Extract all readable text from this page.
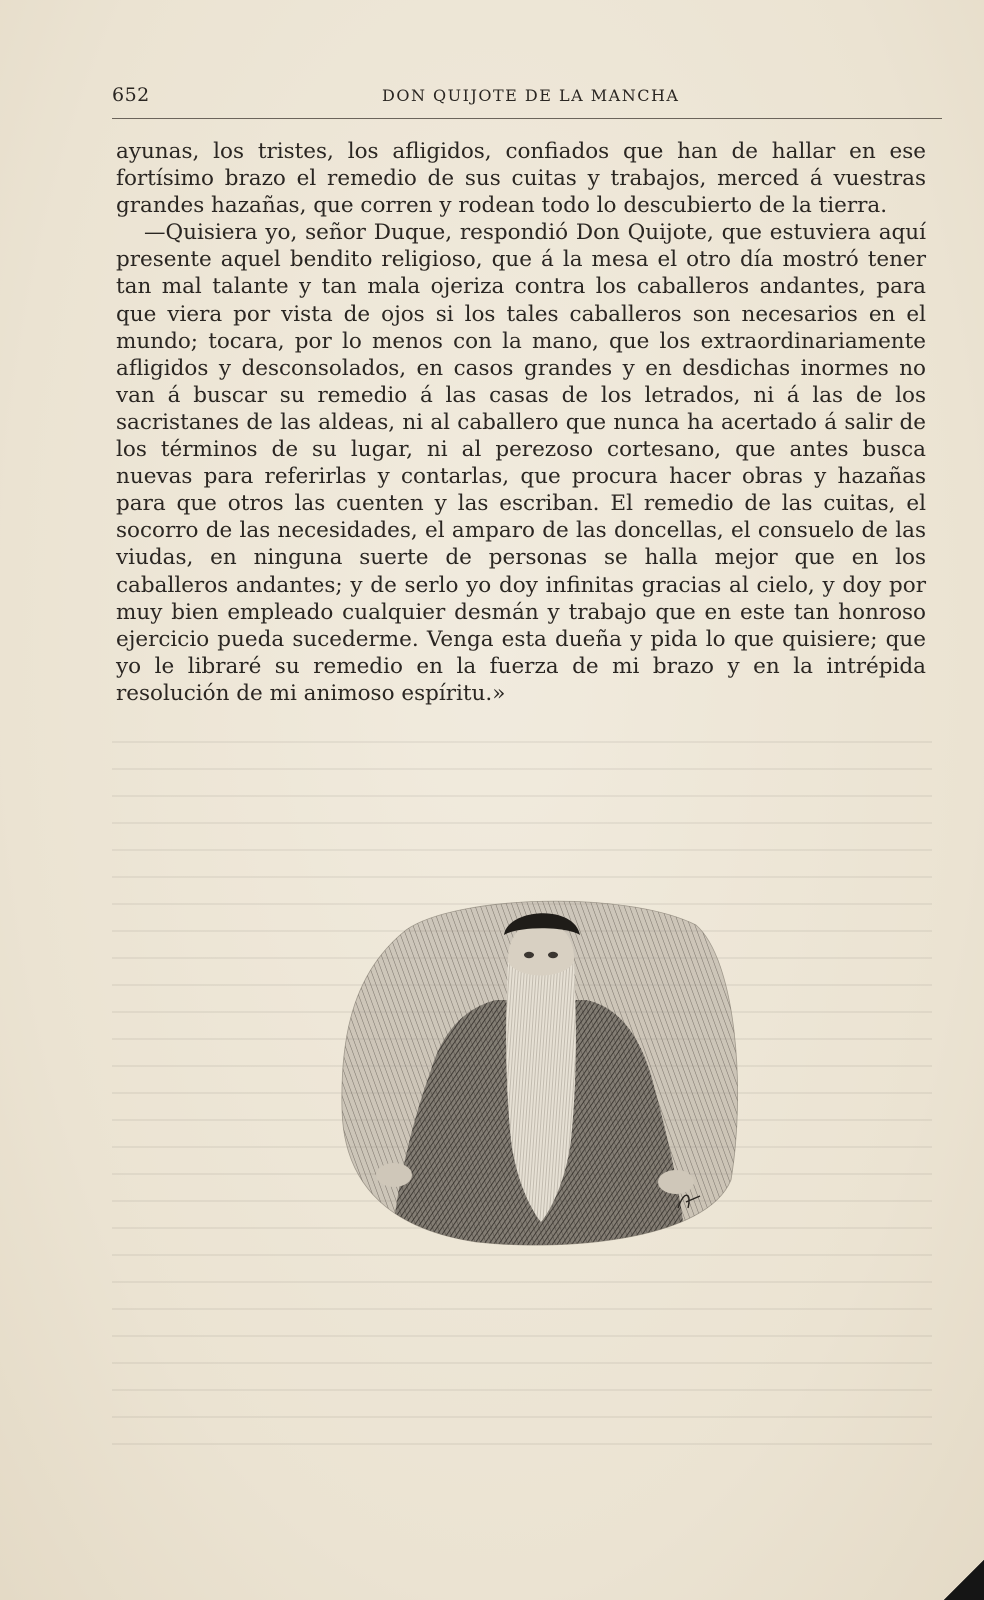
652	DON QUIJOTE DE LA MANCHA

ayunas, los tristes, los afligidos, confiados que han de hallar en ese fortísimo brazo el remedio de sus cuitas y trabajos, merced á vuestras grandes hazañas, que corren y rodean todo lo descubierto de la tierra.

—Quisiera yo, señor Duque, respondió Don Quijote, que estuviera aquí presente aquel bendito religioso, que á la mesa el otro día mostró tener tan mal talante y tan mala ojeriza contra los caballeros andantes, para que viera por vista de ojos si los tales caballeros son necesarios en el mundo; tocara, por lo menos con la mano, que los extraordinariamente afligidos y desconsolados, en casos grandes y en desdichas inormes no van á buscar su remedio á las casas de los letrados, ni á las de los sacristanes de las aldeas, ni al caballero que nunca ha acertado á salir de los términos de su lugar, ni al perezoso cortesano, que antes busca nuevas para referirlas y contarlas, que procura hacer obras y hazañas para que otros las cuenten y las escriban. El remedio de las cuitas, el socorro de las necesidades, el amparo de las doncellas, el consuelo de las viudas, en ninguna suerte de personas se halla mejor que en los caballeros andantes; y de serlo yo doy infinitas gracias al cielo, y doy por muy bien empleado cualquier desmán y trabajo que en este tan honroso ejercicio pueda sucederme. Venga esta dueña y pida lo que quisiere; que yo le libraré su remedio en la fuerza de mi brazo y en la intrépida resolución de mi animoso espíritu.»
